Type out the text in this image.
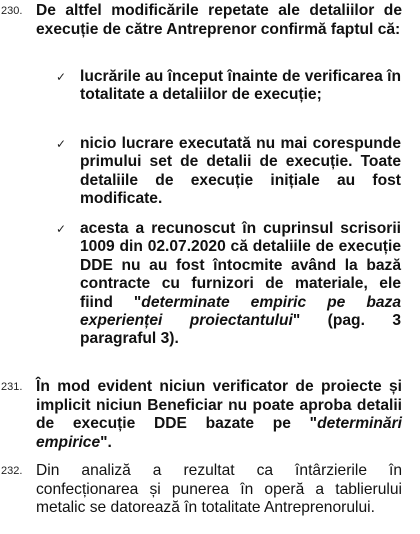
230. De altfel modificările repetate ale detaliilor de execuție de către Antreprenor confirmă faptul că:

✓ lucrările au început înainte de verificarea în totalitate a detaliilor de execuție;

✓ nicio lucrare executată nu mai corespunde primului set de detalii de execuție. Toate detaliile de execuție inițiale au fost modificate.

✓ acesta a recunoscut în cuprinsul scrisorii 1009 din 02.07.2020 că detaliile de execuție DDE nu au fost întocmite având la bază contracte cu furnizori de materiale, ele fiind "determinate empiric pe baza experienței proiectantului" (pag. 3 paragraful 3).

231. În mod evident niciun verificator de proiecte și implicit niciun Beneficiar nu poate aproba detalii de execuție DDE bazate pe "determinări empirice".

232. Din analiză a rezultat ca întârzierile în confecționarea și punerea în operă a tablierului metalic se datorează în totalitate Antreprenorului.
